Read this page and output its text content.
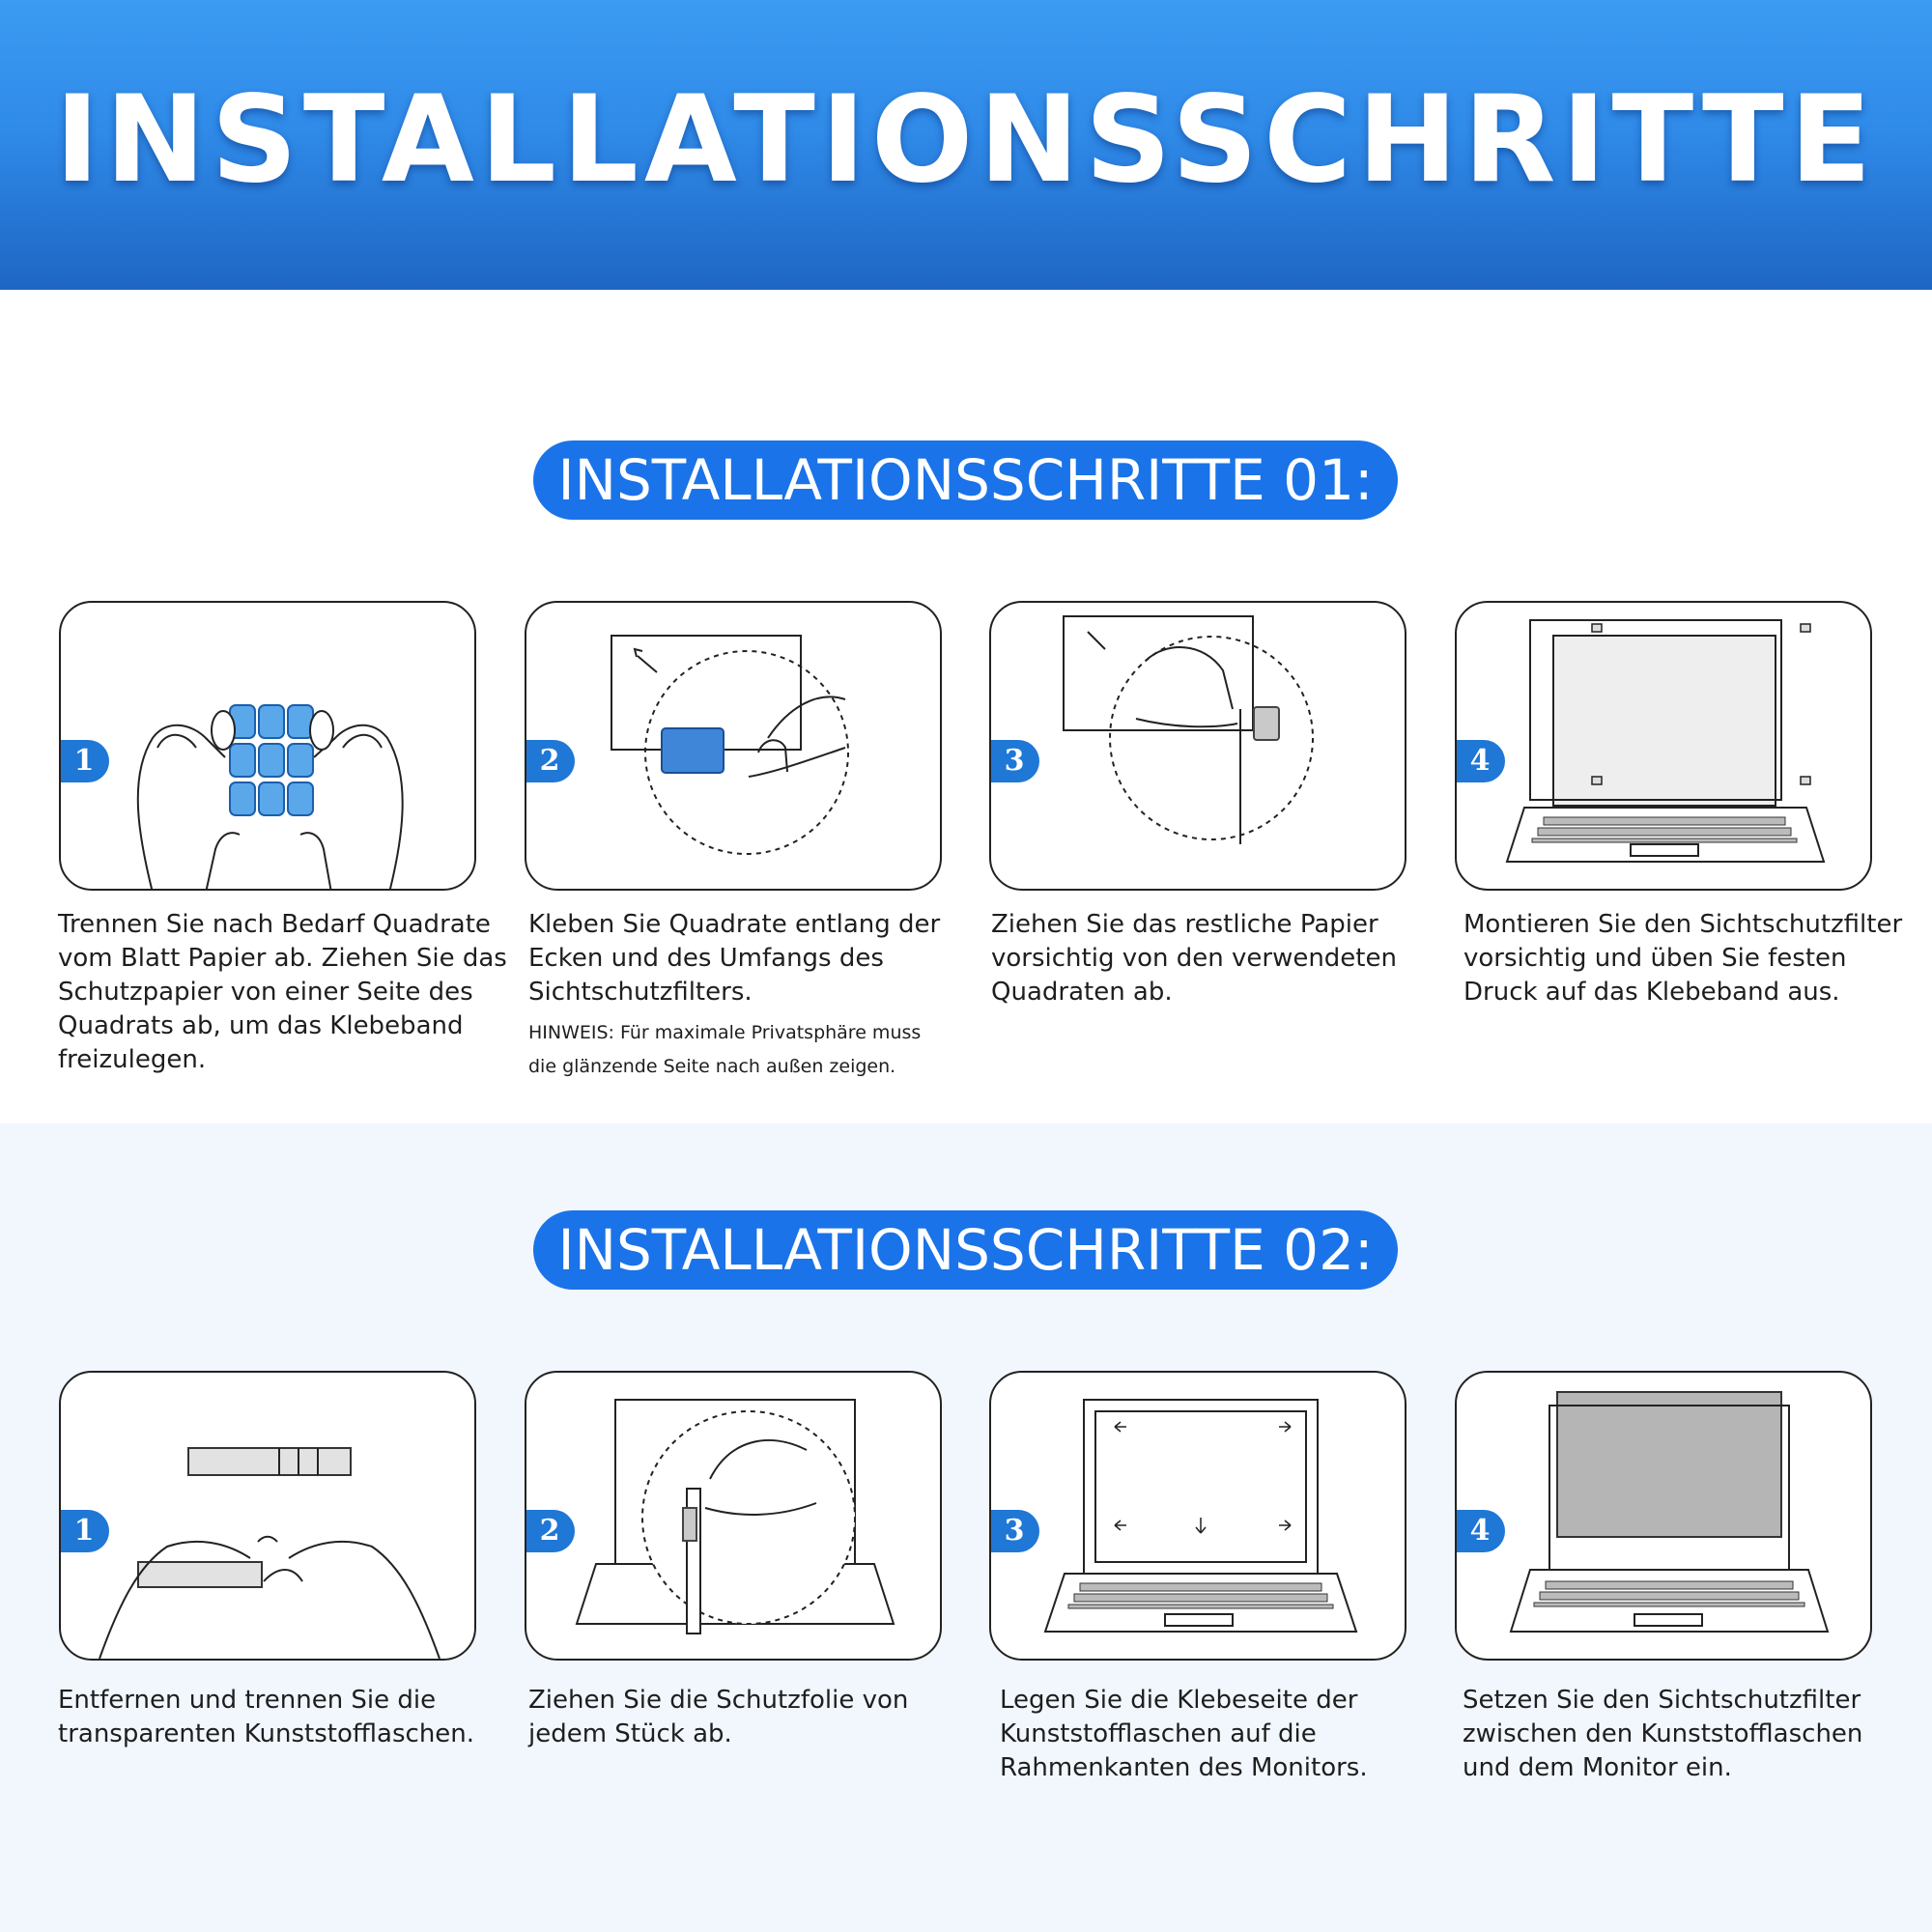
INSTALLATIONSSCHRITTE
INSTALLATIONSSCHRITTE 01:
INSTALLATIONSSCHRITTE 02:
1	2	3	4

Trennen Sie nach Bedarf Quadrate vom Blatt Papier ab. Ziehen Sie das Schutzpapier von einer Seite des Quadrats ab, um das Klebeband freizulegen.

Kleben Sie Quadrate entlang der Ecken und des Umfangs des Sichtschutzfilters.

HINWEIS: Für maximale Privatsphäre muss die glänzende Seite nach außen zeigen.

Ziehen Sie das restliche Papier vorsichtig von den verwendeten Quadraten ab.

Montieren Sie den Sichtschutzfilter vorsichtig und üben Sie festen Druck auf das Klebeband aus.

1	2	3	4

Entfernen und trennen Sie die transparenten Kunststofflaschen.

Ziehen Sie die Schutzfolie von jedem Stück ab.

Legen Sie die Klebeseite der Kunststofflaschen auf die Rahmenkanten des Monitors.

Setzen Sie den Sichtschutzfilter zwischen den Kunststofflaschen und dem Monitor ein.
